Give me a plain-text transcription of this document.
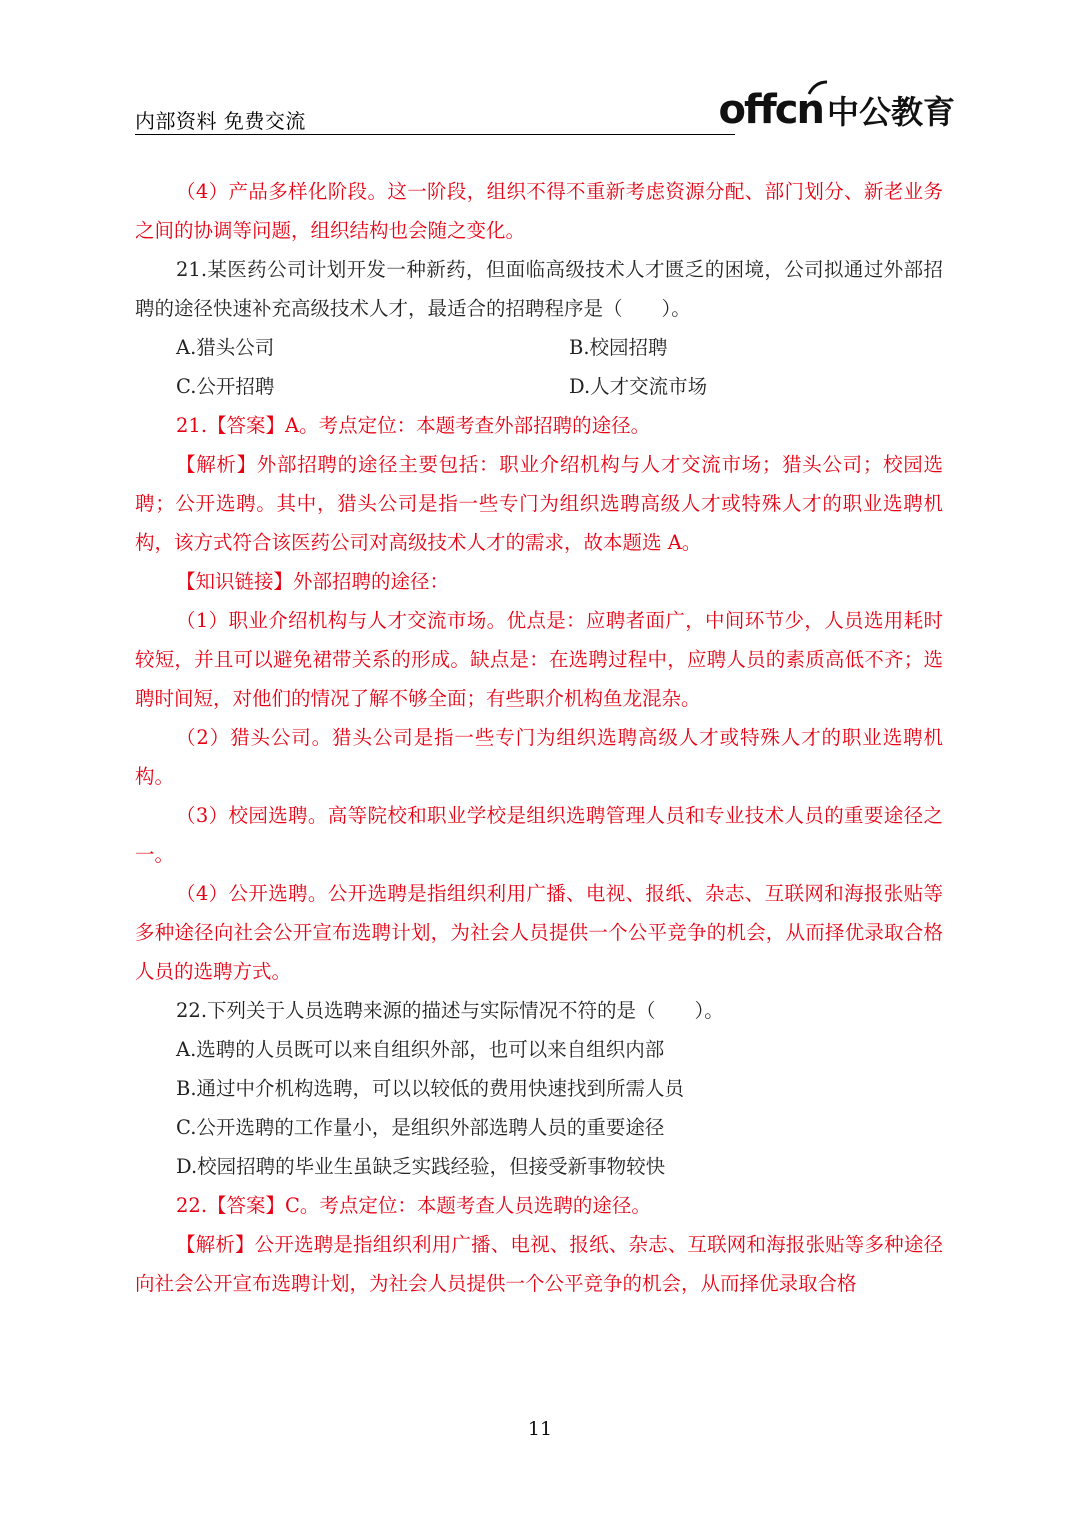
内部资料 免费交流	offcn 中公教育

（4）产品多样化阶段。这一阶段，组织不得不重新考虑资源分配、部门划分、新老业务之间的协调等问题，组织结构也会随之变化。

21.某医药公司计划开发一种新药，但面临高级技术人才匮乏的困境，公司拟通过外部招聘的途径快速补充高级技术人才，最适合的招聘程序是（　　）。

A.猎头公司	B.校园招聘
C.公开招聘	D.人才交流市场

21.【答案】A。考点定位：本题考查外部招聘的途径。

【解析】外部招聘的途径主要包括：职业介绍机构与人才交流市场；猎头公司；校园选聘；公开选聘。其中，猎头公司是指一些专门为组织选聘高级人才或特殊人才的职业选聘机构，该方式符合该医药公司对高级技术人才的需求，故本题选 A。

【知识链接】外部招聘的途径：

（1）职业介绍机构与人才交流市场。优点是：应聘者面广，中间环节少，人员选用耗时较短，并且可以避免裙带关系的形成。缺点是：在选聘过程中，应聘人员的素质高低不齐；选聘时间短，对他们的情况了解不够全面；有些职介机构鱼龙混杂。

（2）猎头公司。猎头公司是指一些专门为组织选聘高级人才或特殊人才的职业选聘机构。

（3）校园选聘。高等院校和职业学校是组织选聘管理人员和专业技术人员的重要途径之一。

（4）公开选聘。公开选聘是指组织利用广播、电视、报纸、杂志、互联网和海报张贴等多种途径向社会公开宣布选聘计划，为社会人员提供一个公平竞争的机会，从而择优录取合格人员的选聘方式。

22.下列关于人员选聘来源的描述与实际情况不符的是（　　）。

A.选聘的人员既可以来自组织外部，也可以来自组织内部

B.通过中介机构选聘，可以以较低的费用快速找到所需人员

C.公开选聘的工作量小，是组织外部选聘人员的重要途径

D.校园招聘的毕业生虽缺乏实践经验，但接受新事物较快

22.【答案】C。考点定位：本题考查人员选聘的途径。

【解析】公开选聘是指组织利用广播、电视、报纸、杂志、互联网和海报张贴等多种途径向社会公开宣布选聘计划，为社会人员提供一个公平竞争的机会，从而择优录取合格

11
